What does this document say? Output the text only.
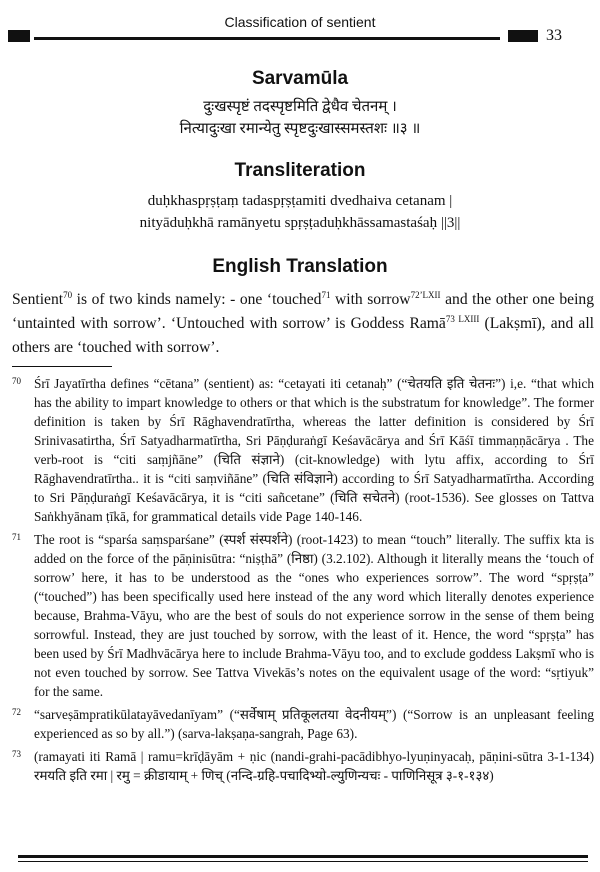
Classification of sentient
33
Sarvamūla
दुःखस्पृष्टं तदस्पृष्टमिति द्वेधैव चेतनम् ।
नित्यादुःखा रमान्येतु स्पृष्टदुःखास्समस्तशः ॥३ ॥
Transliteration
duḥkhaspṛṣṭaṃ tadaspṛṣṭamiti dvedhaiva cetanam |
nityāduḥkhā ramānyetu spṛṣṭaduḥkhāssamastaśaḥ ||3||
English Translation
Sentient$^{70}$ is of two kinds namely: - one ‘touched$^{71}$ with sorrow$^{72’LXII}$ and the other one being ‘untainted with sorrow’. ‘Untouched with sorrow’ is Goddess Ramā$^{73 LXIII}$ (Lakṣmī), and all others are ‘touched with sorrow’.
70 Śrī Jayatīrtha defines “cētana” (sentient) as: “cetayati iti cetanaḥ” (“चेतयति इति चेतनः”) i,e. “that which has the ability to impart knowledge to others or that which is the substratum for knowledge”. The former definition is taken by Śrī Rāghavendratīrtha, whereas the latter definition is considered by Śrī Srinivasatirtha, Śrī Satyadharmatīrtha, Sri Pāṇḍuraṅgī Keśavācārya and Śrī Kāśī timmaṇṇācārya . The verb-root is “citi saṃjñāne” (चिति संज्ञाने) (cit-knowledge) with lytu affix, according to Śrī Rāghavendratīrtha.. it is “citi saṃviñāne” (चिति संविज्ञाने) according to Śrī Satyadharmatīrtha. According to Sri Pāṇḍuraṅgī Keśavācārya, it is “citi sañcetane” (चिति सचेतने) (root-1536). See glosses on Tattva Saṅkhyānam ṭīkā, for grammatical details vide Page 140-146.
71 The root is “sparśa saṃsparśane” (स्पर्श संस्पर्शने) (root-1423) to mean “touch” literally. The suffix kta is added on the force of the pāṇinisūtra: “niṣṭhā” (निष्ठा) (3.2.102). Although it literally means the ‘touch of sorrow’ here, it has to be understood as the “ones who experiences sorrow”. The word “spṛṣṭa” (“touched”) has been specifically used here instead of the any word which literally denotes experience because, Brahma-Vāyu, who are the best of souls do not experience sorrow in the sense of them being sorrowful. Instead, they are just touched by sorrow, with the least of it. Hence, the word “spṛṣṭa” has been used by Śrī Madhvācārya here to include Brahma-Vāyu too, and to exclude goddess Lakṣmī who is not even touched by sorrow. See Tattva Vivekās’s notes on the equivalent usage of the word: “sṛtiyuk” for the same.
72 “sarveṣāmpratikūlatayāvedanīyam” (“सर्वेषाम् प्रतिकूलतया वेदनीयम्”) (“Sorrow is an unpleasant feeling experienced as so by all.”) (sarva-lakṣaṇa-sangrah, Page 63).
73 (ramayati iti Ramā | ramu=krīḍāyām + ṇic (nandi-grahi-pacādibhyo-lyuṇinyacaḥ, pāṇini-sūtra 3-1-134) रमयति इति रमा | रमु = क्रीडायाम् + णिच् (नन्दि-ग्रहि-पचादिभ्यो-ल्युणिन्यचः - पाणिनिसूत्र ३-१-१३४)
